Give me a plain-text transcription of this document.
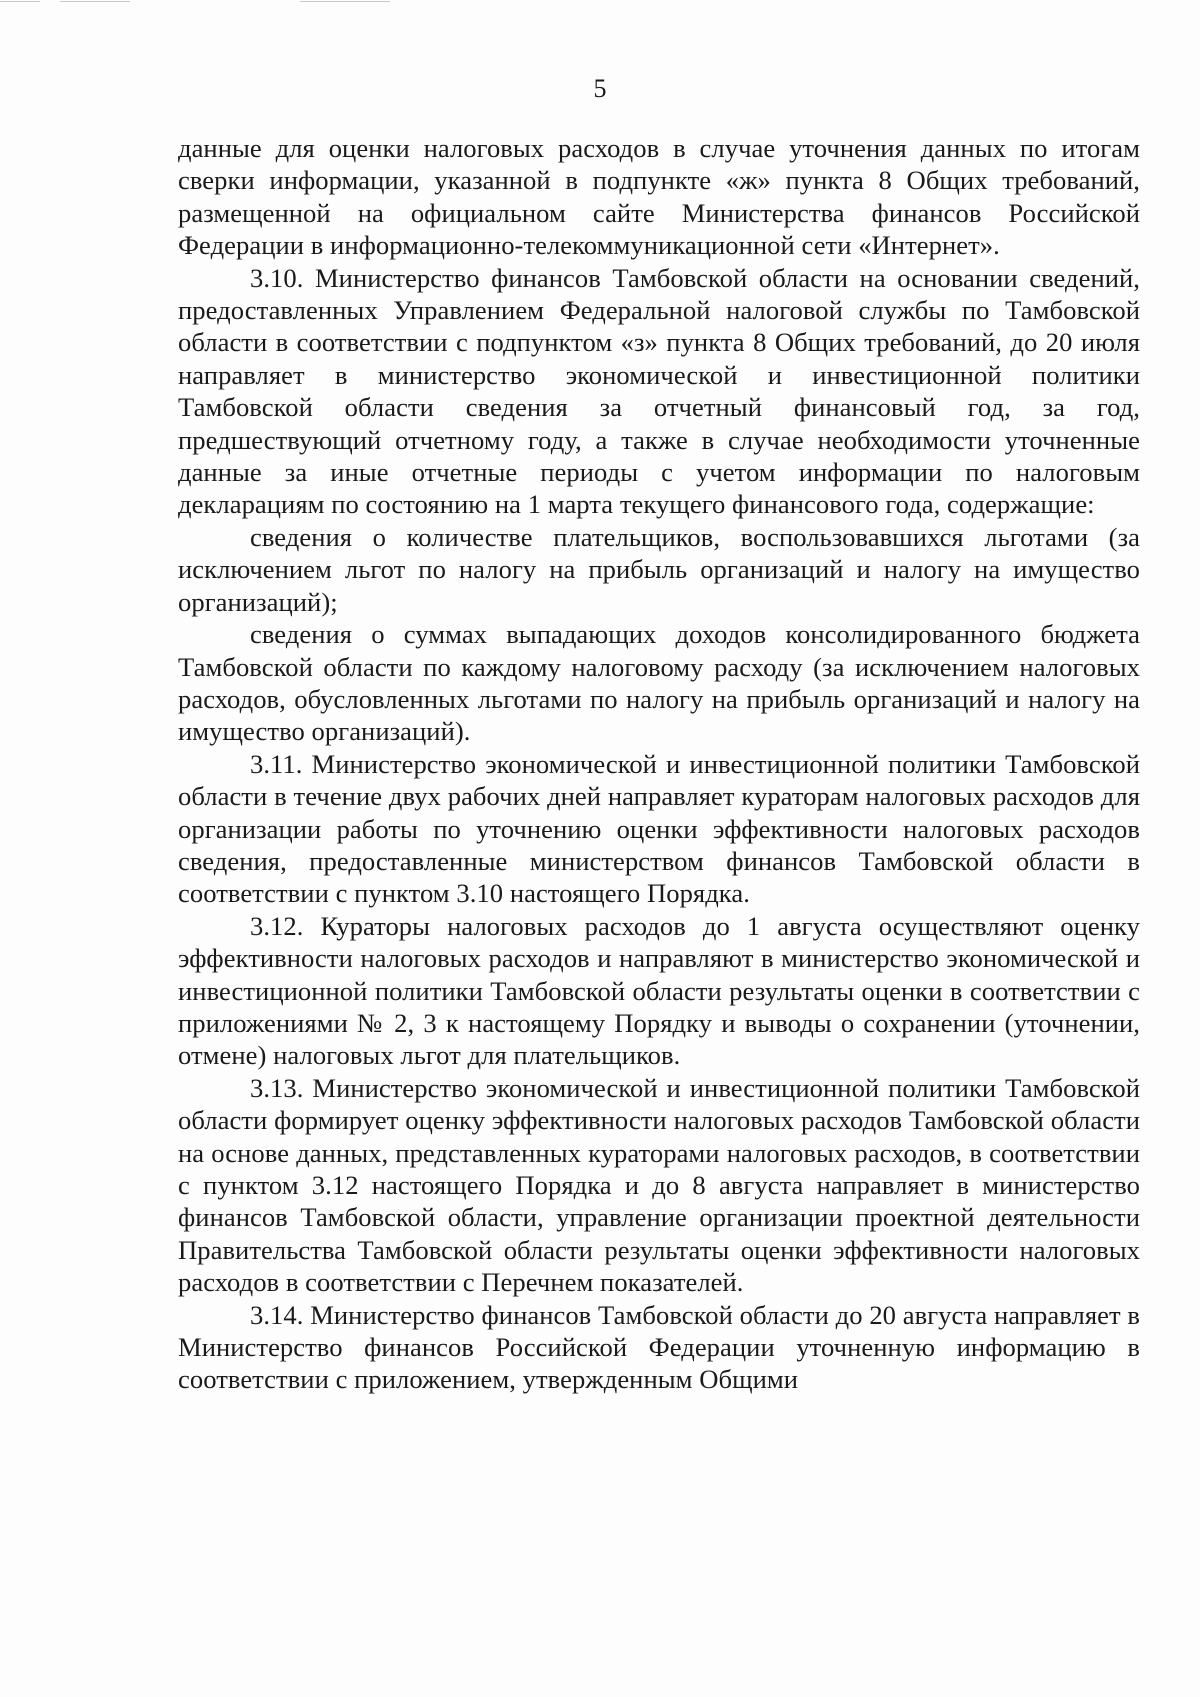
5

данные для оценки налоговых расходов в случае уточнения данных по итогам сверки информации, указанной в подпункте «ж» пункта 8 Общих требований, размещенной на официальном сайте Министерства финансов Российской Федерации в информационно-телекоммуникационной сети «Интернет».

3.10. Министерство финансов Тамбовской области на основании сведений, предоставленных Управлением Федеральной налоговой службы по Тамбовской области в соответствии с подпунктом «з» пункта 8 Общих требований, до 20 июля направляет в министерство экономической и инвестиционной политики Тамбовской области сведения за отчетный финансовый год, за год, предшествующий отчетному году, а также в случае необходимости уточненные данные за иные отчетные периоды с учетом информации по налоговым декларациям по состоянию на 1 марта текущего финансового года, содержащие:

сведения о количестве плательщиков, воспользовавшихся льготами (за исключением льгот по налогу на прибыль организаций и налогу на имущество организаций);

сведения о суммах выпадающих доходов консолидированного бюджета Тамбовской области по каждому налоговому расходу (за исключением налоговых расходов, обусловленных льготами по налогу на прибыль организаций и налогу на имущество организаций).

3.11. Министерство экономической и инвестиционной политики Тамбовской области в течение двух рабочих дней направляет кураторам налоговых расходов для организации работы по уточнению оценки эффективности налоговых расходов сведения, предоставленные министерством финансов Тамбовской области в соответствии с пунктом 3.10 настоящего Порядка.

3.12. Кураторы налоговых расходов до 1 августа осуществляют оценку эффективности налоговых расходов и направляют в министерство экономической и инвестиционной политики Тамбовской области результаты оценки в соответствии с приложениями № 2, 3 к настоящему Порядку и выводы о сохранении (уточнении, отмене) налоговых льгот для плательщиков.

3.13. Министерство экономической и инвестиционной политики Тамбовской области формирует оценку эффективности налоговых расходов Тамбовской области на основе данных, представленных кураторами налоговых расходов, в соответствии с пунктом 3.12 настоящего Порядка и до 8 августа направляет в министерство финансов Тамбовской области, управление организации проектной деятельности Правительства Тамбовской области результаты оценки эффективности налоговых расходов в соответствии с Перечнем показателей.

3.14. Министерство финансов Тамбовской области до 20 августа направляет в Министерство финансов Российской Федерации уточненную информацию в соответствии с приложением, утвержденным Общими
